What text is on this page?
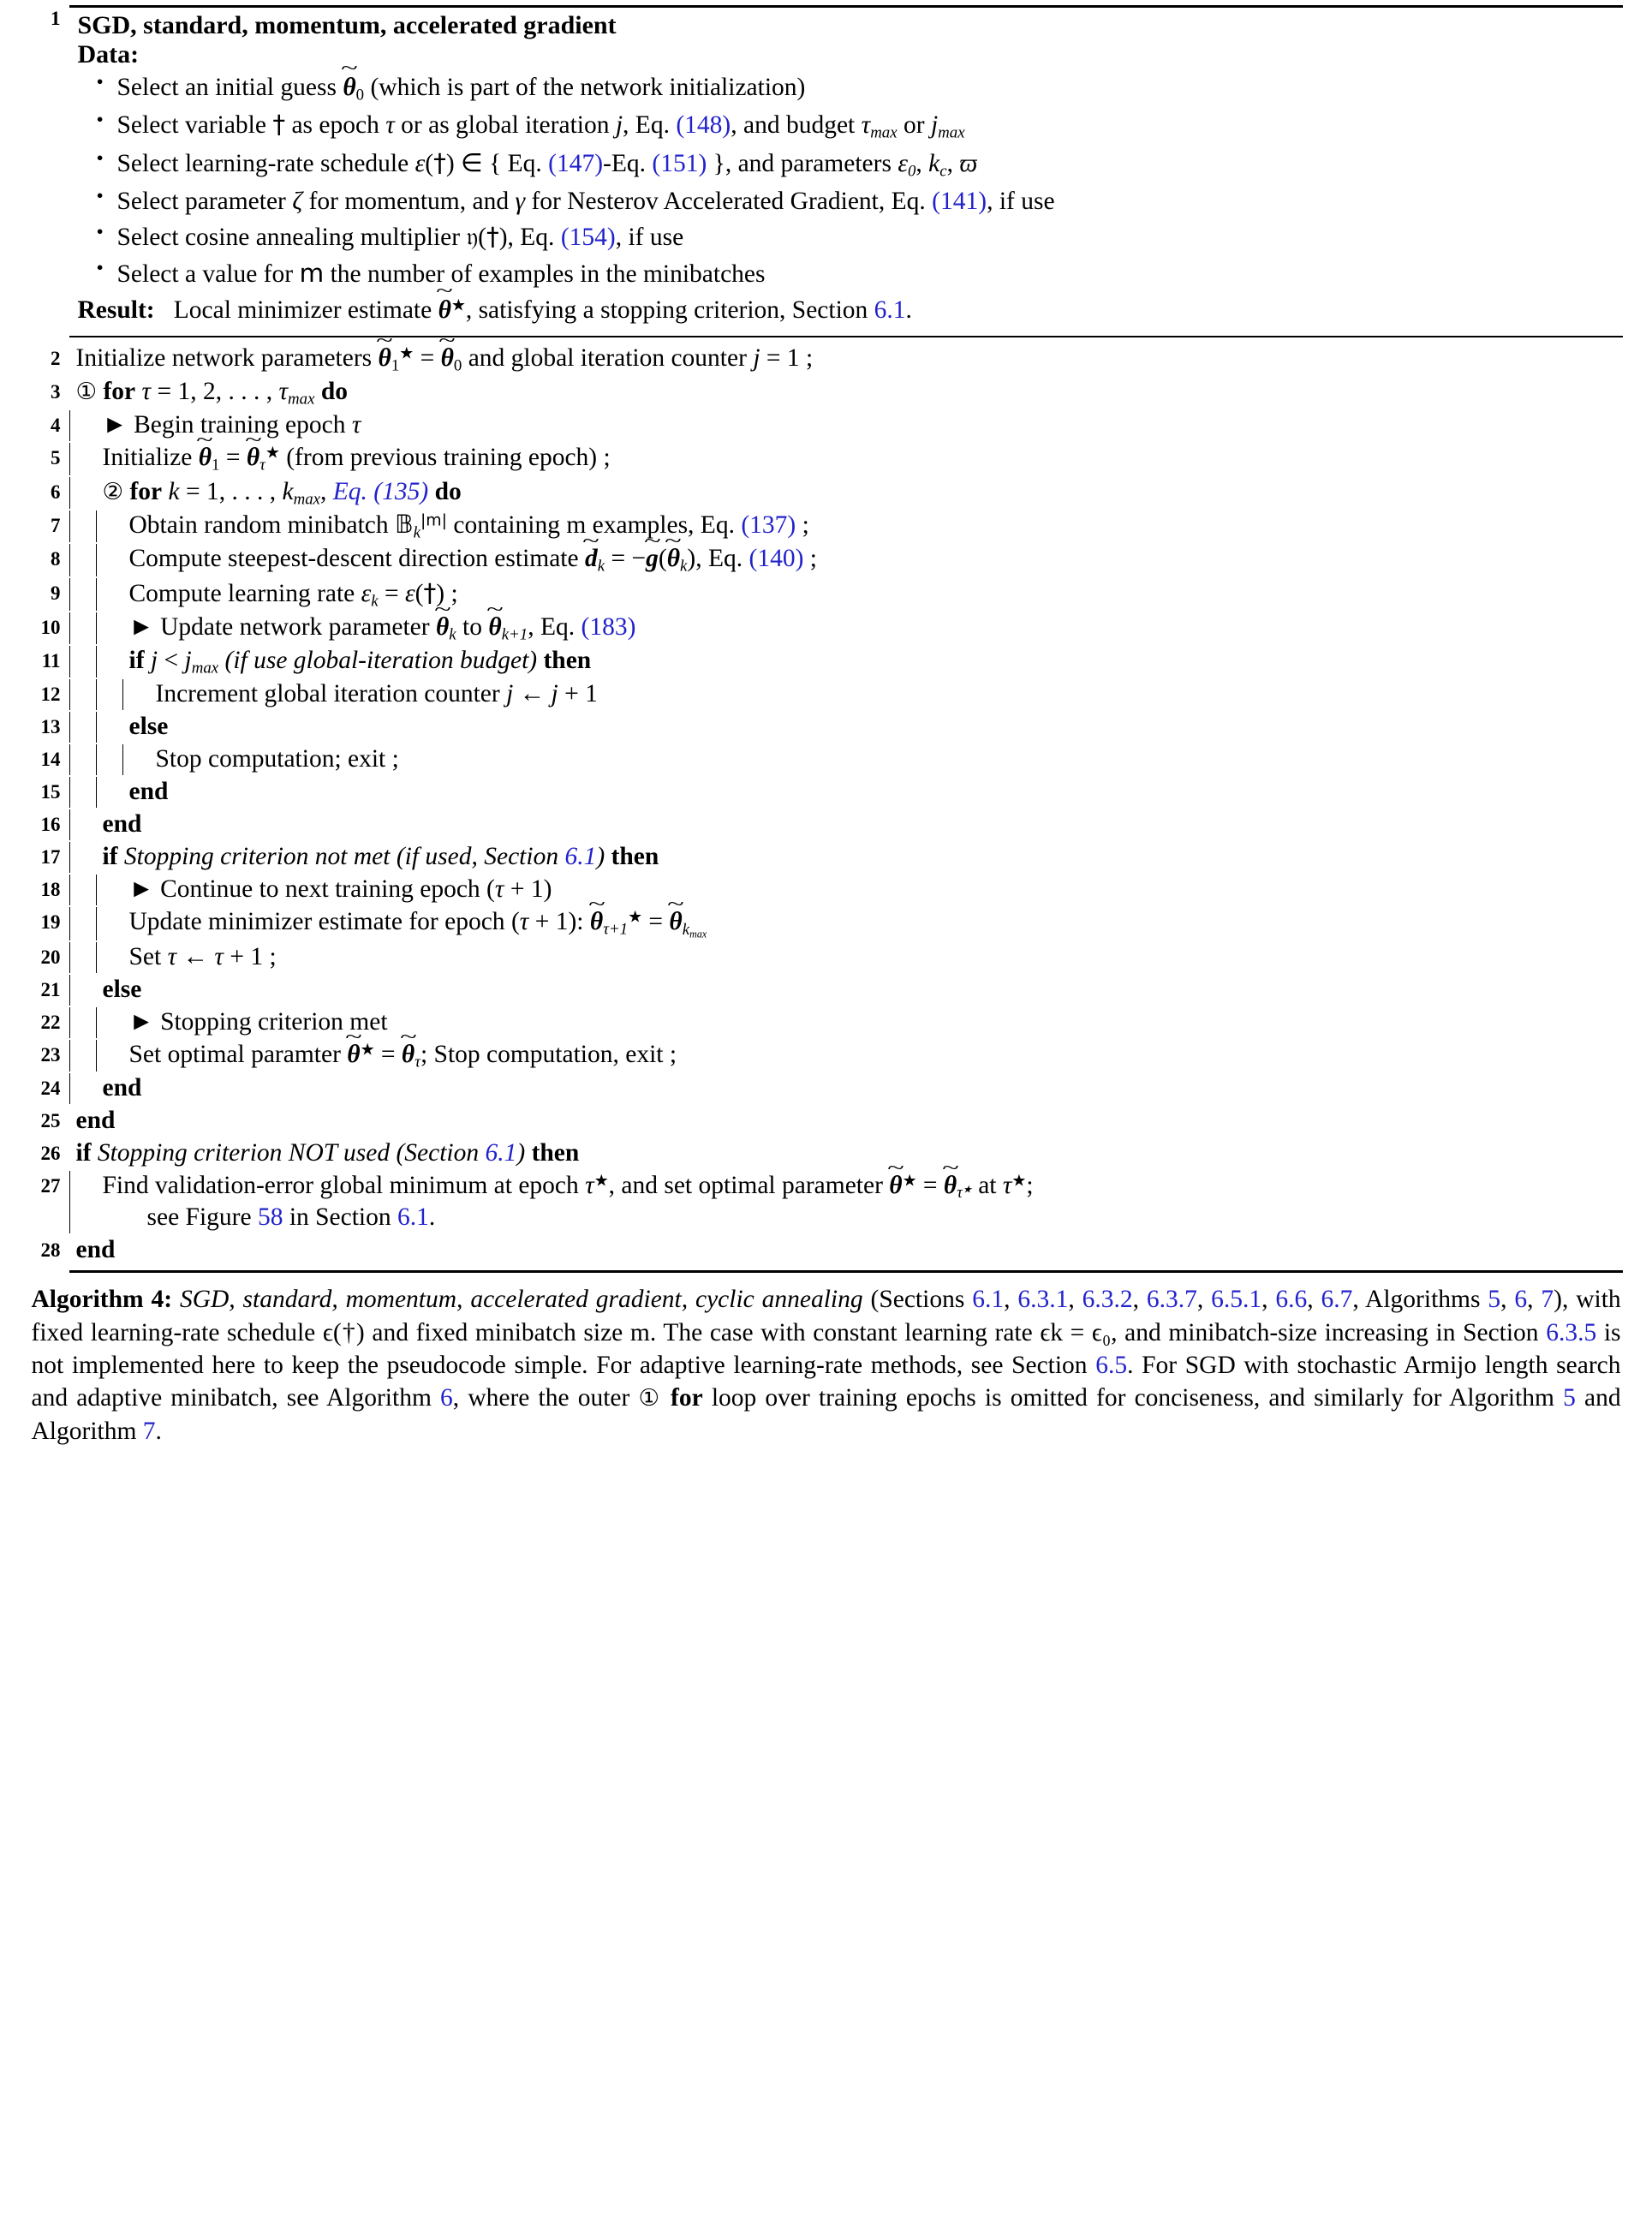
1 SGD, standard, momentum, accelerated gradient
Data:
• Select an initial guess ~ $\theta_0$ (which is part of the network initialization)
• Select variable † as epoch τ or as global iteration j, Eq. (148), and budget $\tau_{max}$ or $j_{max}$
• Select learning-rate schedule ε(†) ∈ { Eq. (147)-Eq. (151) }, and parameters $\varepsilon_0$, $k_c$, ϖ
• Select parameter ζ for momentum, and γ for Nesterov Accelerated Gradient, Eq. (141), if use
• Select cosine annealing multiplier 𝔶(†), Eq. (154), if use
• Select a value for m the number of examples in the minibatches
Result:   Local minimizer estimate ~ θ★, satisfying a stopping criterion, Section 6.1.
2 Initialize network parameters ~ $\theta_1^★$ = ~ $\theta_0$ and global iteration counter j = 1 ;
3 ① for τ = 1, 2, . . . , $\tau_{max}$ do
4	► Begin training epoch τ
5	Initialize ~ $\theta_1$ = ~ $\theta_\tau^★$ (from previous training epoch) ;
6	② for k = 1, . . . , $k_{max}$, Eq. (135) do
7	Obtain random minibatch 𝔹$_k^{|m|}$ containing m examples, Eq. (137) ;
8	Compute steepest-descent direction estimate ~ $d_k$ = −~ g(~ $\theta_k$), Eq. (140) ;
9	Compute learning rate $\varepsilon_k$ = ε(†) ;
10	► Update network parameter ~ $\theta_k$ to ~ $\theta_{k+1}$, Eq. (183)
11	if $j < j_{max}$ (if use global-iteration budget) then
12	Increment global iteration counter j ← j + 1
13	else
14	Stop computation; exit ;
15	end
16	end
17	if Stopping criterion not met (if used, Section 6.1) then
18	► Continue to next training epoch (τ + 1)
19	Update minimizer estimate for epoch (τ + 1): ~ $\theta_{\tau+1}^★$ = ~ $\theta_{k_{max}}$
20	Set τ ← τ + 1 ;
21	else
22	► Stopping criterion met
23	Set optimal paramter ~ θ★ = ~ $\theta_\tau$; Stop computation, exit ;
24	end
25 end
26 if Stopping criterion NOT used (Section 6.1) then
27	Find validation-error global minimum at epoch τ★, and set optimal parameter ~ θ★ = ~ $\theta_{\tau^★}$ at τ★;
see Figure 58 in Section 6.1.
28 end
Algorithm 4: SGD, standard, momentum, accelerated gradient, cyclic annealing (Sections 6.1, 6.3.1, 6.3.2, 6.3.7, 6.5.1, 6.6, 6.7, Algorithms 5, 6, 7), with fixed learning-rate schedule ϵ(†) and fixed minibatch size m. The case with constant learning rate ϵk = ϵ₀, and minibatch-size increasing in Section 6.3.5 is not implemented here to keep the pseudocode simple. For adaptive learning-rate methods, see Section 6.5. For SGD with stochastic Armijo length search and adaptive minibatch, see Algorithm 6, where the outer ① for loop over training epochs is omitted for conciseness, and similarly for Algorithm 5 and Algorithm 7.
